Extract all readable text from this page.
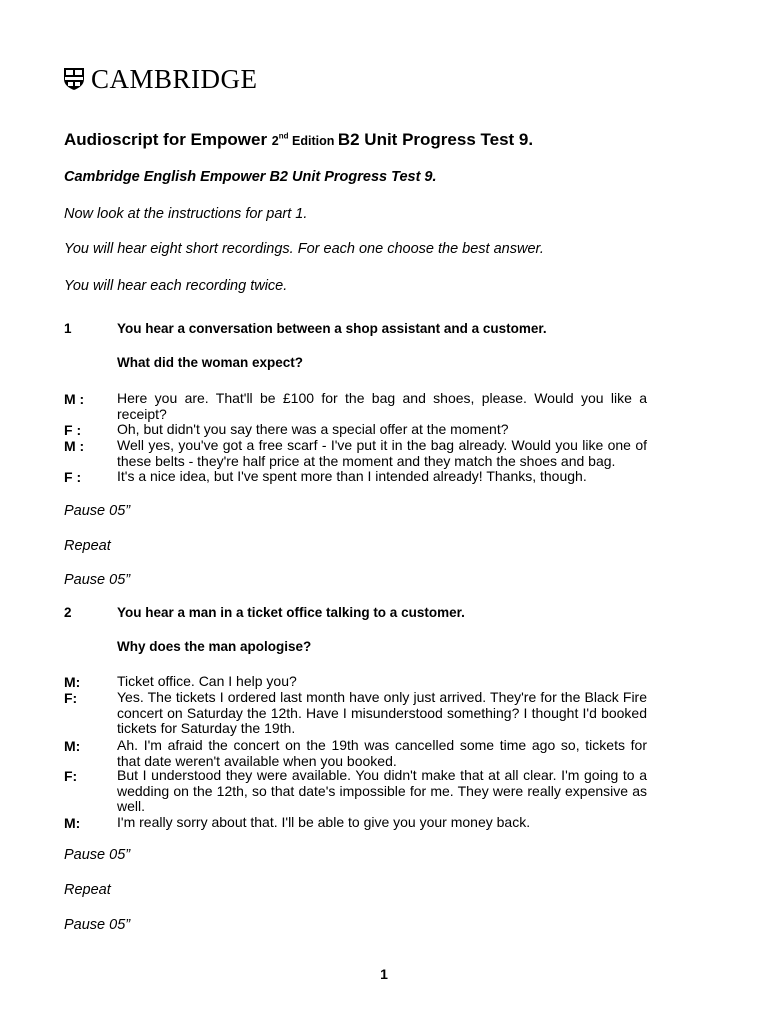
CAMBRIDGE
Audioscript for Empower 2nd Edition B2 Unit Progress Test 9.
Cambridge English Empower B2 Unit Progress Test 9.
Now look at the instructions for part 1.
You will hear eight short recordings. For each one choose the best answer.
You will hear each recording twice.
1	You hear a conversation between a shop assistant and a customer.
What did the woman expect?
M :	Here you are. That'll be £100 for the bag and shoes, please. Would you like a receipt?
F :	Oh, but didn't you say there was a special offer at the moment?
M :	Well yes, you've got a free scarf - I've put it in the bag already. Would you like one of these belts - they're half price at the moment and they match the shoes and bag.
F :	It's a nice idea, but I've spent more than I intended already! Thanks, though.
Pause 05”
Repeat
Pause 05”
2	You hear a man in a ticket office talking to a customer.
Why does the man apologise?
M:	Ticket office. Can I help you?
F:	Yes. The tickets I ordered last month have only just arrived. They're for the Black Fire concert on Saturday the 12th. Have I misunderstood something? I thought I'd booked tickets for Saturday the 19th.
M:	Ah. I'm afraid the concert on the 19th was cancelled some time ago so, tickets for that date weren't available when you booked.
F:	But I understood they were available. You didn't make that at all clear. I'm going to a wedding on the 12th, so that date's impossible for me. They were really expensive as well.
M:	I'm really sorry about that. I'll be able to give you your money back.
Pause 05”
Repeat
Pause 05”
1
